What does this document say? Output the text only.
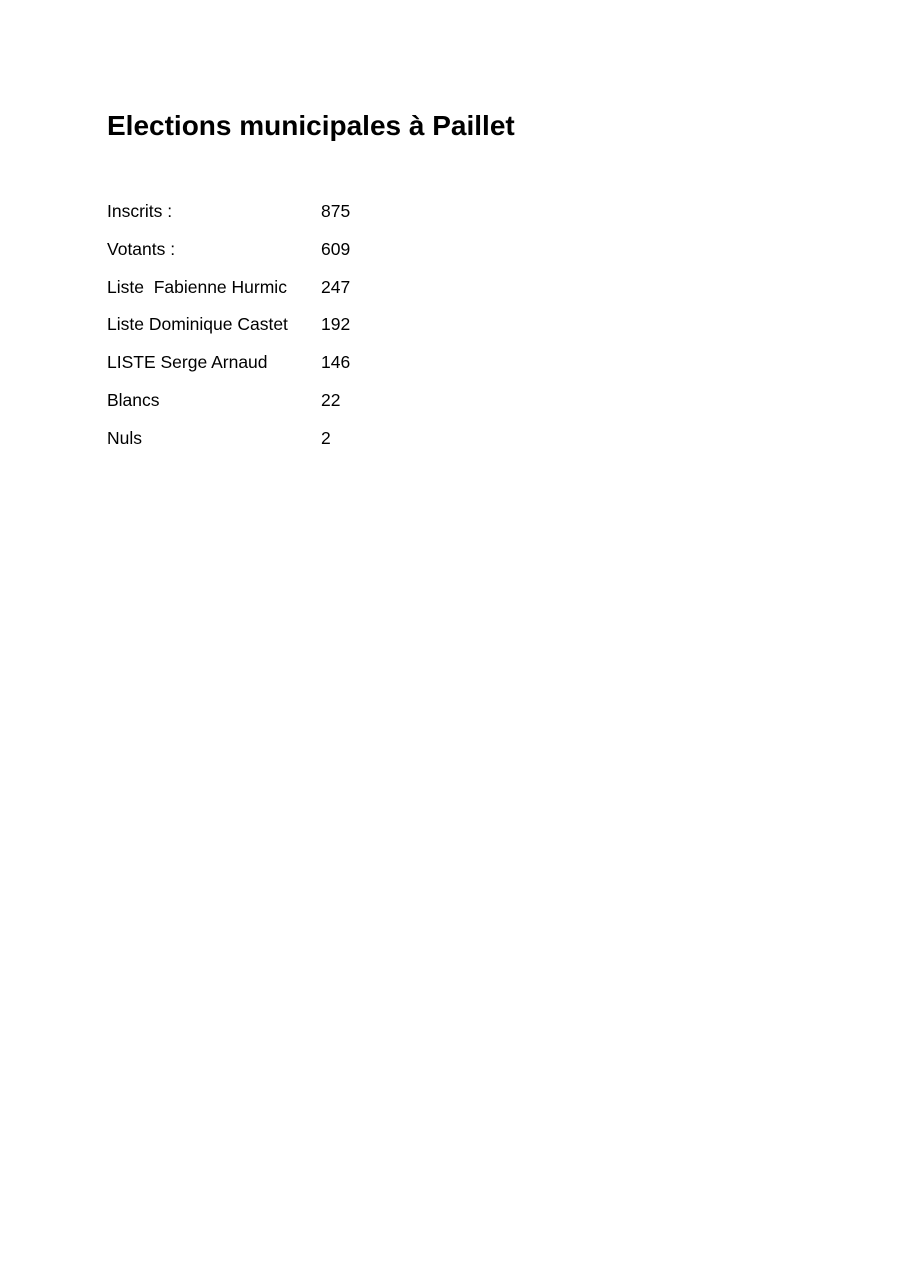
Elections municipales à Paillet
Inscrits :	875
Votants :	609
Liste  Fabienne Hurmic	247
Liste Dominique Castet	192
LISTE Serge Arnaud	146
Blancs	22
Nuls	2
